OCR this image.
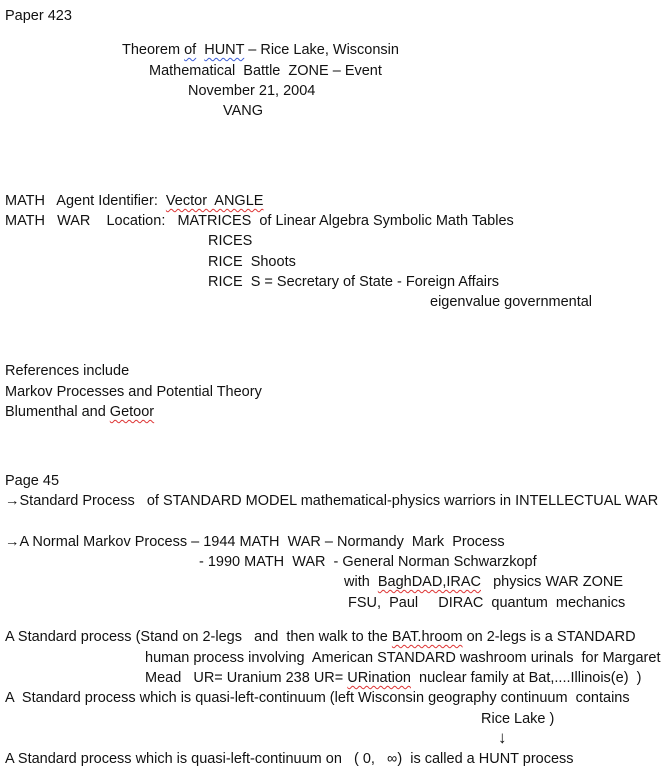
Paper 423
Theorem of HUNT – Rice Lake, Wisconsin
Mathematical  Battle  ZONE – Event
November 21, 2004
VANG
MATH   Agent Identifier:  Vector  ANGLE
MATH   WAR    Location:   MATRICES  of Linear Algebra Symbolic Math Tables
RICES
RICE  Shoots
RICE  S = Secretary of State - Foreign Affairs
eigenvalue governmental
References include
Markov Processes and Potential Theory
Blumenthal and Getoor
Page 45
→Standard Process   of STANDARD MODEL mathematical-physics warriors in INTELLECTUAL WAR
→A Normal Markov Process – 1944 MATH  WAR – Normandy  Mark  Process
- 1990 MATH  WAR  - General Norman Schwarzkopf
with  BaghDAD,IRAC   physics WAR ZONE
FSU,  Paul     DIRAC  quantum  mechanics
A Standard process (Stand on 2-legs   and  then walk to the BAT.hroom on 2-legs is a STANDARD
human process involving  American STANDARD washroom urinals  for Margaret
Mead   UR= Uranium 238 UR= URination  nuclear family at Bat,....Illinois(e)  )
A  Standard process which is quasi-left-continuum (left Wisconsin geography continuum  contains
Rice Lake )
↓
A Standard process which is quasi-left-continuum on   ( 0,   ∞)  is called a HUNT process
